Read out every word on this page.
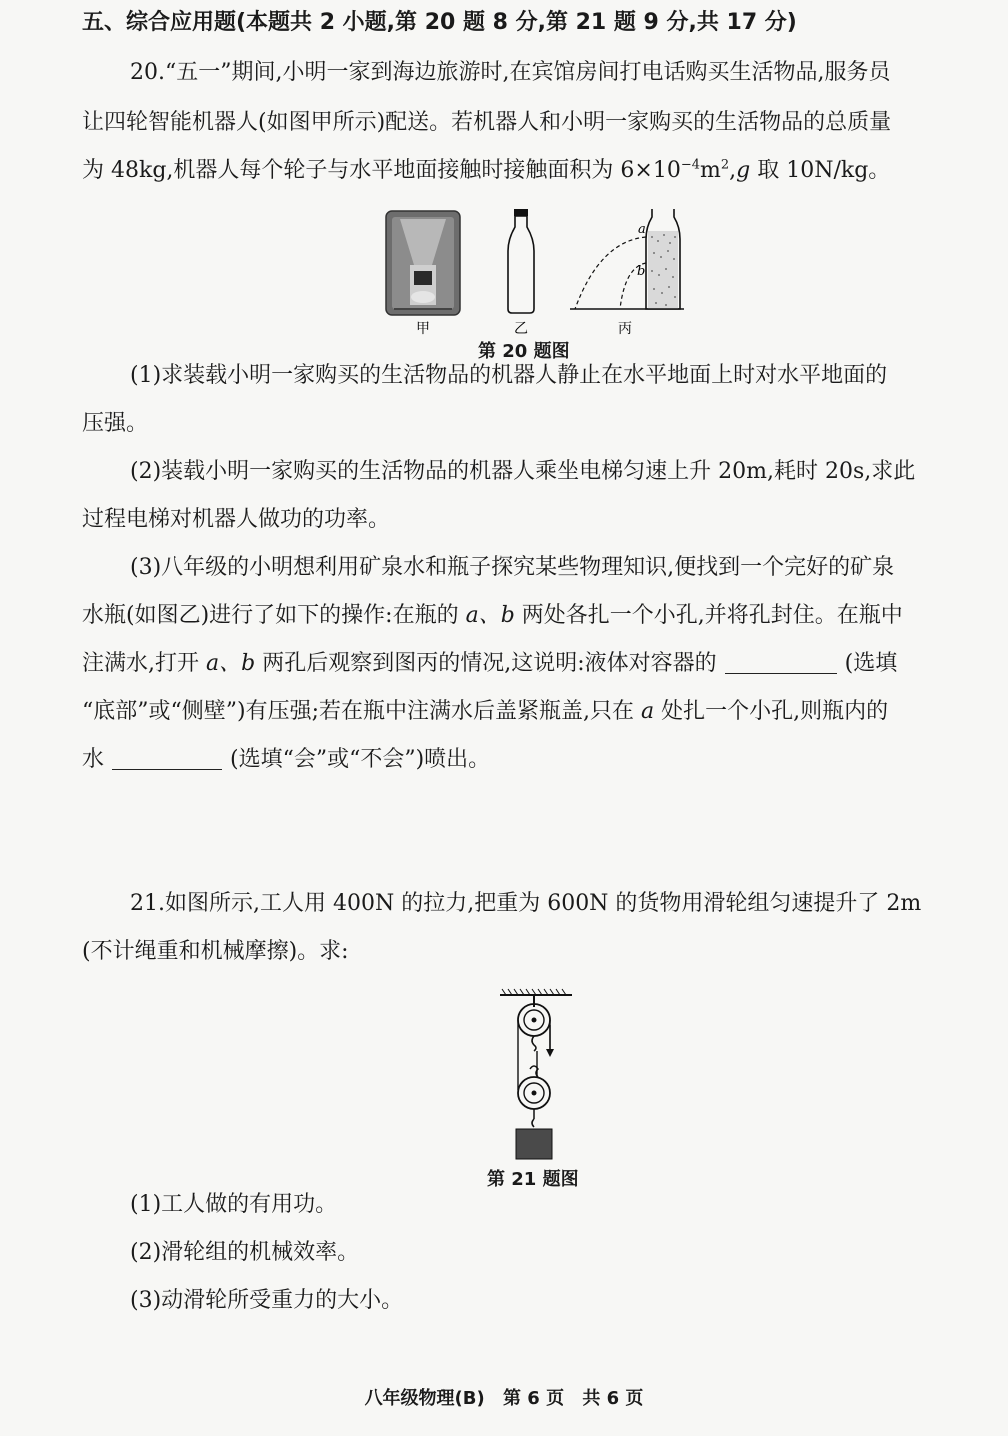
五、综合应用题(本题共 2 小题,第 20 题 8 分,第 21 题 9 分,共 17 分)
20.“五一”期间,小明一家到海边旅游时,在宾馆房间打电话购买生活物品,服务员
让四轮智能机器人(如图甲所示)配送。若机器人和小明一家购买的生活物品的总质量
为 48kg,机器人每个轮子与水平地面接触时接触面积为 $6\times 10^{-4}m^2,g$ 取 10N/kg。
a
b
甲	乙	丙
第 20 题图
(1)求装载小明一家购买的生活物品的机器人静止在水平地面上时对水平地面的
压强。
(2)装载小明一家购买的生活物品的机器人乘坐电梯匀速上升 20m,耗时 20s,求此
过程电梯对机器人做功的功率。
(3)八年级的小明想利用矿泉水和瓶子探究某些物理知识,便找到一个完好的矿泉
水瓶(如图乙)进行了如下的操作:在瓶的 a、b 两处各扎一个小孔,并将孔封住。在瓶中
注满水,打开 a、b 两孔后观察到图丙的情况,这说明:液体对容器的	(选填
“底部”或“侧壁”)有压强;若在瓶中注满水后盖紧瓶盖,只在 a 处扎一个小孔,则瓶内的
水	(选填“会”或“不会”)喷出。
21.如图所示,工人用 400N 的拉力,把重为 600N 的货物用滑轮组匀速提升了 2m
(不计绳重和机械摩擦)。求:
第 21 题图
(1)工人做的有用功。
(2)滑轮组的机械效率。
(3)动滑轮所受重力的大小。
八年级物理(B) 第 6 页 共 6 页
